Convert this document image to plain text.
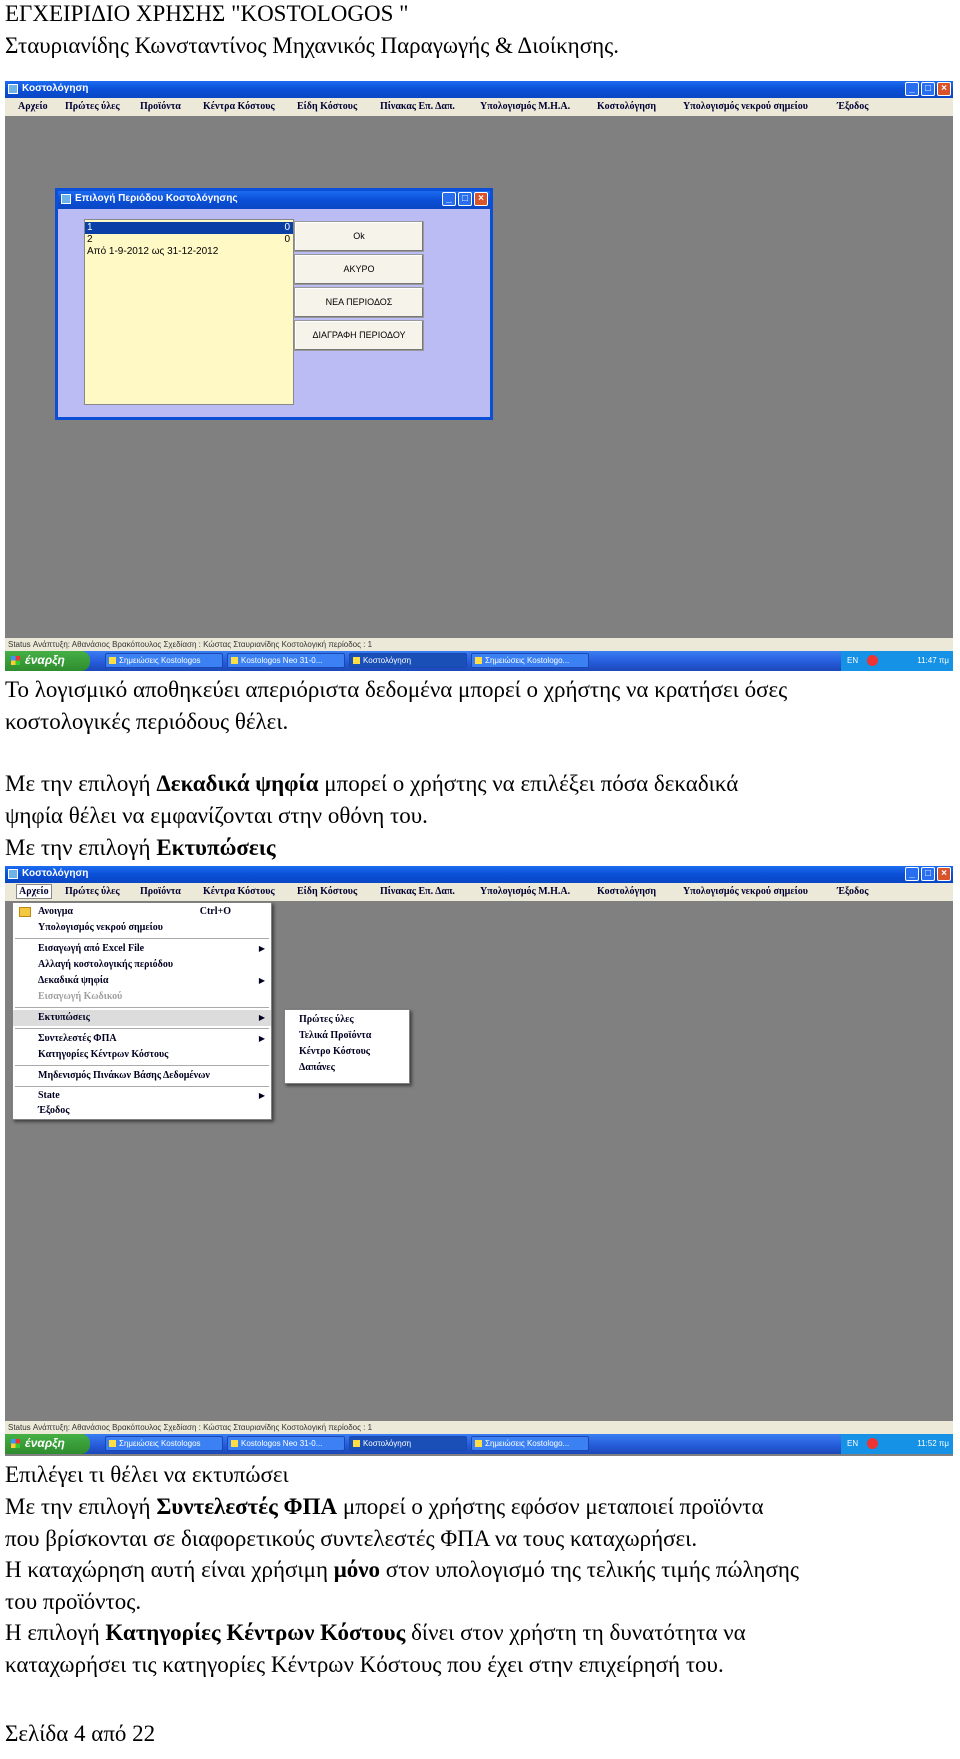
ΕΓΧΕΙΡΙΔΙΟ ΧΡΗΣΗΣ "KOSTOLOGOS "

Σταυριανίδης Κωνσταντίνος Μηχανικός Παραγωγής & Διοίκησης.

Κοστολόγηση	_	□	×
Αρχείο Πρώτες ύλες Προϊόντα Κέντρα Κόστους Είδη Κόστους Πίνακας Επ. Δαπ.	Υπολογισμός Μ.Η.Α.	Κοστολόγηση	Υπολογισμός νεκρού σημείου	Έξοδος
Επιλογή Περιόδου Κοστολόγησης	_	□	×
1	0
2	0
Από 1-9-2012 ως 31-12-2012
Ok
ΑΚΥΡΟ
ΝΕΑ ΠΕΡΙΟΔΟΣ
ΔΙΑΓΡΑΦΗ ΠΕΡΙΟΔΟΥ
Status Ανάπτυξη: Αθανάσιος Βρακόπουλος Σχεδίαση : Κώστας Σταυριανίδης Κοστολογική περίοδος : 1
έναρξη	Σημειώσεις Kostologos	Kostologos Neo 31-0...	Κοστολόγηση	Σημειώσεις Kostologo...	EN	11:47 πμ

Το λογισμικό αποθηκεύει απεριόριστα δεδομένα μπορεί ο χρήστης να κρατήσει όσες

κοστολογικές περιόδους θέλει.

Με την επιλογή Δεκαδικά ψηφία μπορεί ο χρήστης να επιλέξει πόσα δεκαδικά

ψηφία θέλει να εμφανίζονται στην οθόνη του.

Με την επιλογή Εκτυπώσεις

Κοστολόγηση	_	□	×
Αρχείο	Πρώτες ύλες Προϊόντα Κέντρα Κόστους Είδη Κόστους Πίνακας Επ. Δαπ.	Υπολογισμός Μ.Η.Α.	Κοστολόγηση	Υπολογισμός νεκρού σημείου	Έξοδος
Ανοιγμα	Ctrl+O
Υπολογισμός νεκρού σημείου
Εισαγωγή από Excel File	▶
Αλλαγή κοστολογικής περιόδου
Δεκαδικά ψηφία	▶
Εισαγωγή Κωδικού
Εκτυπώσεις	▶
Συντελεστές ΦΠΑ	▶
Κατηγορίες Κέντρων Κόστους
Μηδενισμός Πινάκων Βάσης Δεδομένων
State	▶
Έξοδος
Πρώτες ύλες
Τελικά Προϊόντα
Κέντρο Κόστους
Δαπάνες
Status Ανάπτυξη: Αθανάσιος Βρακόπουλος Σχεδίαση : Κώστας Σταυριανίδης Κοστολογική περίοδος : 1
έναρξη	Σημειώσεις Kostologos	Kostologos Neo 31-0...	Κοστολόγηση	Σημειώσεις Kostologo...	EN	11:52 πμ

Επιλέγει τι θέλει να εκτυπώσει

Με την επιλογή Συντελεστές ΦΠΑ μπορεί ο χρήστης εφόσον μεταποιεί προϊόντα

που βρίσκονται σε διαφορετικούς συντελεστές ΦΠΑ να τους καταχωρήσει.

Η καταχώρηση αυτή είναι χρήσιμη μόνο στον υπολογισμό της τελικής τιμής πώλησης

του προϊόντος.

Η επιλογή Κατηγορίες Κέντρων Κόστους δίνει στον χρήστη τη δυνατότητα να

καταχωρήσει τις κατηγορίες Κέντρων Κόστους που έχει στην επιχείρησή του.

Σελίδα 4 από 22
